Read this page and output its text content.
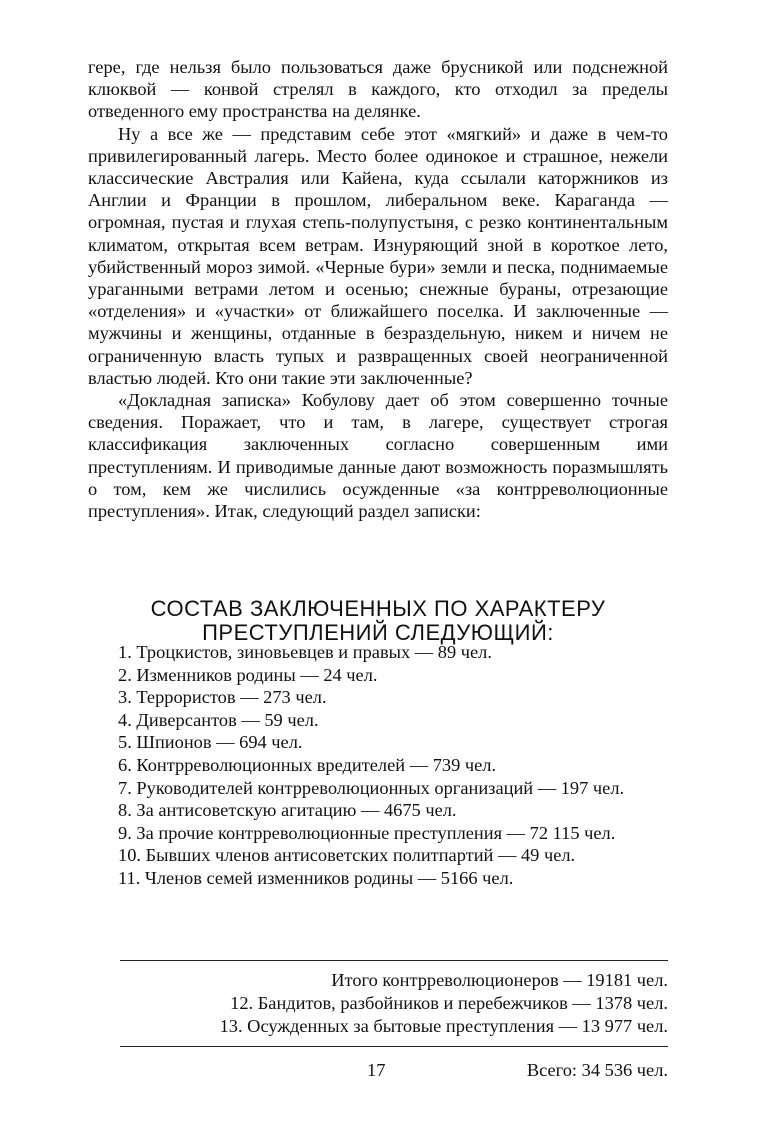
гере, где нельзя было пользоваться даже брусникой или подснежной клюквой — конвой стрелял в каждого, кто отходил за пределы отведенного ему пространства на делянке.

Ну а все же — представим себе этот «мягкий» и даже в чем-то привилегированный лагерь. Место более одинокое и страшное, нежели классические Австралия или Кайена, куда ссылали каторжников из Англии и Франции в прошлом, либеральном веке. Караганда — огромная, пустая и глухая степь-полупустыня, с резко континентальным климатом, открытая всем ветрам. Изнуряющий зной в короткое лето, убийственный мороз зимой. «Черные бури» земли и песка, поднимаемые ураганными ветрами летом и осенью; снежные бураны, отрезающие «отделения» и «участки» от ближайшего поселка. И заключенные — мужчины и женщины, отданные в безраздельную, никем и ничем не ограниченную власть тупых и развращенных своей неограниченной властью людей. Кто они такие эти заключенные?

«Докладная записка» Кобулову дает об этом совершенно точные сведения. Поражает, что и там, в лагере, существует строгая классификация заключенных согласно совершенным ими преступлениям. И приводимые данные дают возможность поразмышлять о том, кем же числились осужденные «за контрреволюционные преступления». Итак, следующий раздел записки:

СОСТАВ ЗАКЛЮЧЕННЫХ ПО ХАРАКТЕРУ
ПРЕСТУПЛЕНИЙ СЛЕДУЮЩИЙ:
1. Троцкистов, зиновьевцев и правых — 89 чел.
2. Изменников родины — 24 чел.
3. Террористов — 273 чел.
4. Диверсантов — 59 чел.
5. Шпионов — 694 чел.
6. Контрреволюционных вредителей — 739 чел.
7. Руководителей контрреволюционных организаций — 197 чел.
8. За антисоветскую агитацию — 4675 чел.
9. За прочие контрреволюционные преступления — 72 115 чел.
10. Бывших членов антисоветских политпартий — 49 чел.
11. Членов семей изменников родины — 5166 чел.
Итого контрреволюционеров — 19181 чел.
12. Бандитов, разбойников и перебежчиков — 1378 чел.
13. Осужденных за бытовые преступления — 13 977 чел.
17	Всего: 34 536 чел.
